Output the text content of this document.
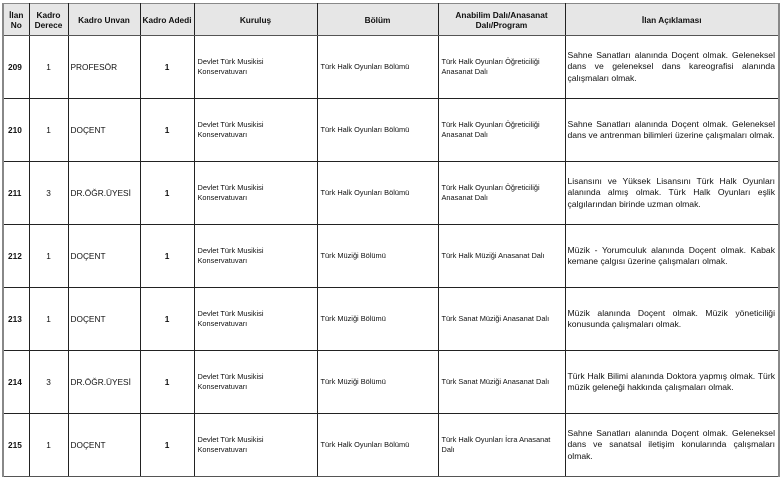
İlan No	Kadro Derece	Kadro Unvan	Kadro Adedi	Kuruluş	Bölüm	Anabilim Dalı/Anasanat Dalı/Program	İlan Açıklaması
209	1	PROFESÖR	1	Devlet Türk Musikisi Konservatuvarı	Türk Halk Oyunları Bölümü	Türk Halk Oyunları Öğreticiliği Anasanat Dalı	Sahne Sanatları alanında Doçent olmak. Geleneksel dans ve geleneksel dans kareografisi alanında çalışmaları olmak.
210	1	DOÇENT	1	Devlet Türk Musikisi Konservatuvarı	Türk Halk Oyunları Bölümü	Türk Halk Oyunları Öğreticiliği Anasanat Dalı	Sahne Sanatları alanında Doçent olmak. Geleneksel dans ve antrenman bilimleri üzerine çalışmaları olmak.
211	3	DR.ÖĞR.ÜYESİ	1	Devlet Türk Musikisi Konservatuvarı	Türk Halk Oyunları Bölümü	Türk Halk Oyunları Öğreticiliği Anasanat Dalı	Lisansını ve Yüksek Lisansını Türk Halk Oyunları alanında almış olmak. Türk Halk Oyunları eşlik çalgılarından birinde uzman olmak.
212	1	DOÇENT	1	Devlet Türk Musikisi Konservatuvarı	Türk Müziği Bölümü	Türk Halk Müziği Anasanat Dalı	Müzik - Yorumculuk alanında Doçent olmak. Kabak kemane çalgısı üzerine çalışmaları olmak.
213	1	DOÇENT	1	Devlet Türk Musikisi Konservatuvarı	Türk Müziği Bölümü	Türk Sanat Müziği Anasanat Dalı	Müzik alanında Doçent olmak. Müzik yöneticiliği konusunda çalışmaları olmak.
214	3	DR.ÖĞR.ÜYESİ	1	Devlet Türk Musikisi Konservatuvarı	Türk Müziği Bölümü	Türk Sanat Müziği Anasanat Dalı	Türk Halk Bilimi alanında Doktora yapmış olmak. Türk müzik geleneği hakkında çalışmaları olmak.
215	1	DOÇENT	1	Devlet Türk Musikisi Konservatuvarı	Türk Halk Oyunları Bölümü	Türk Halk Oyunları İcra Anasanat Dalı	Sahne Sanatları alanında Doçent olmak. Geleneksel dans ve sanatsal iletişim konularında çalışmaları olmak.
